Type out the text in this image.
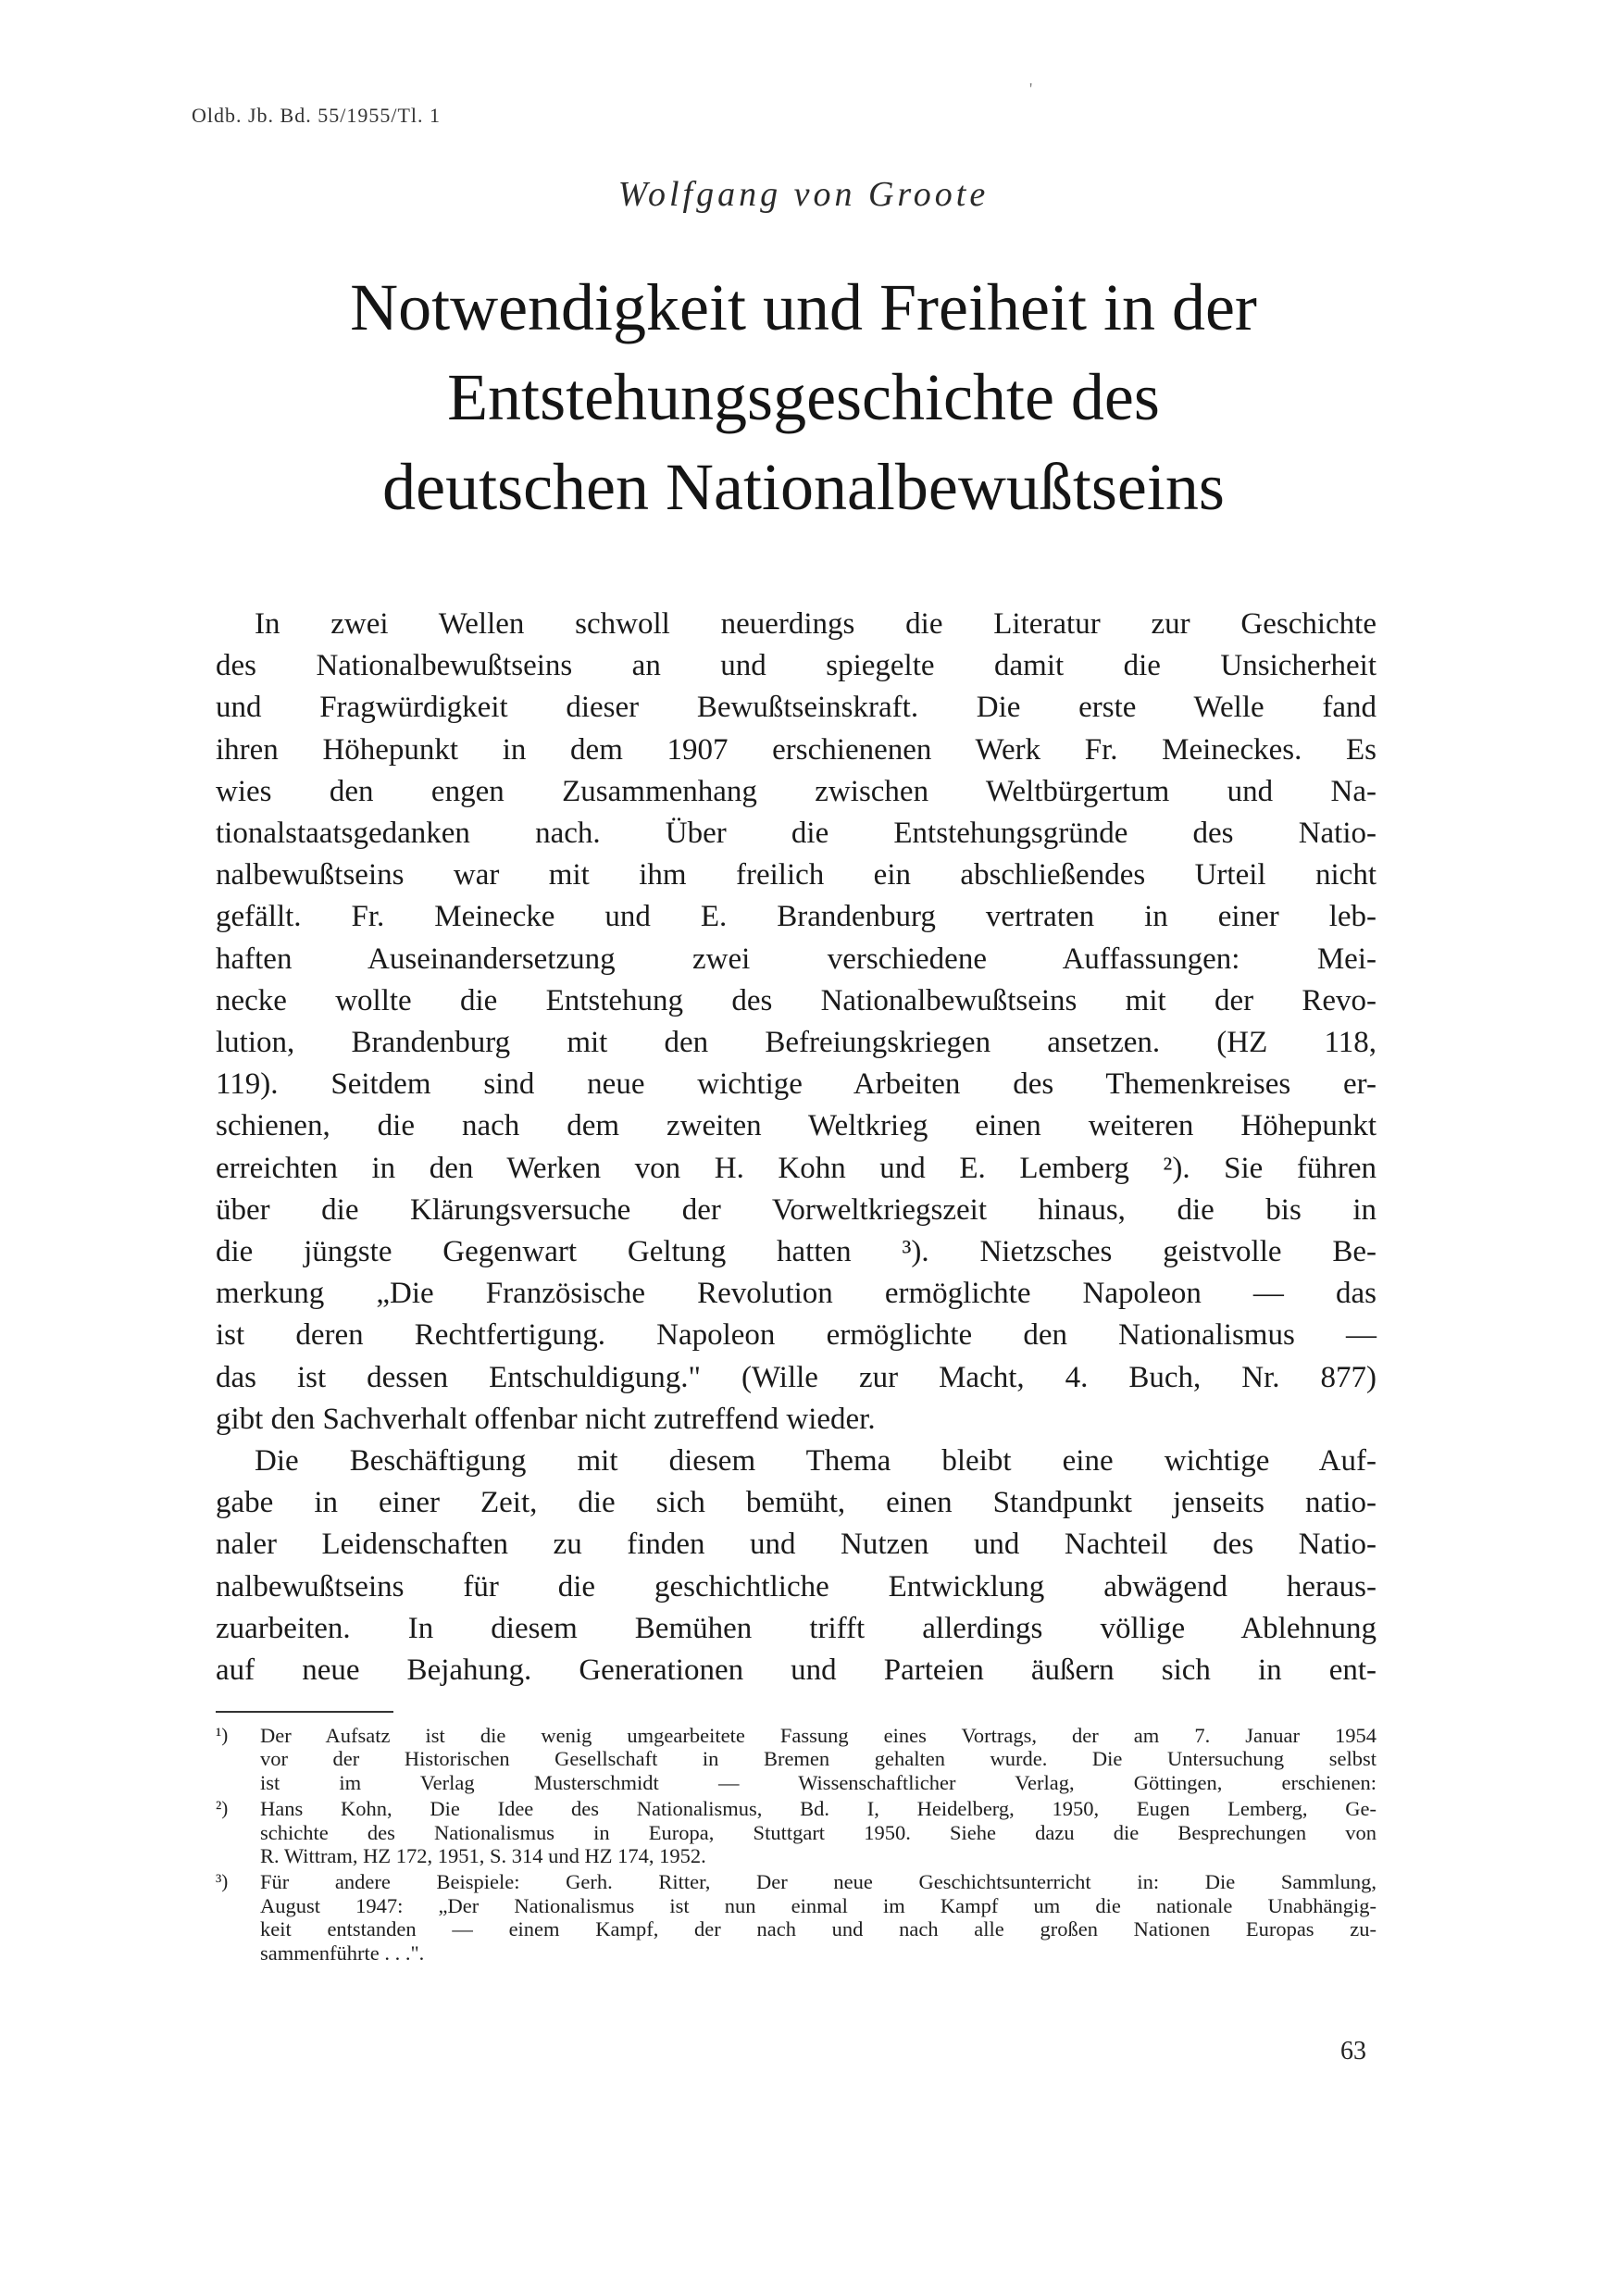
Oldb. Jb. Bd. 55/1955/Tl. 1
'
Wolfgang von Groote
Notwendigkeit und Freiheit in der
Entstehungsgeschichte des
deutschen Nationalbewußtseins
In zwei Wellen schwoll neuerdings die Literatur zur Geschichte
des Nationalbewußtseins an und spiegelte damit die Unsicherheit
und Fragwürdigkeit dieser Bewußtseinskraft. Die erste Welle fand
ihren Höhepunkt in dem 1907 erschienenen Werk Fr. Meineckes. Es
wies den engen Zusammenhang zwischen Weltbürgertum und Na-
tionalstaatsgedanken nach. Über die Entstehungsgründe des Natio-
nalbewußtseins war mit ihm freilich ein abschließendes Urteil nicht
gefällt. Fr. Meinecke und E. Brandenburg vertraten in einer leb-
haften Auseinandersetzung zwei verschiedene Auffassungen: Mei-
necke wollte die Entstehung des Nationalbewußtseins mit der Revo-
lution, Brandenburg mit den Befreiungskriegen ansetzen. (HZ 118,
119). Seitdem sind neue wichtige Arbeiten des Themenkreises er-
schienen, die nach dem zweiten Weltkrieg einen weiteren Höhepunkt
erreichten in den Werken von H. Kohn und E. Lemberg ²). Sie führen
über die Klärungsversuche der Vorweltkriegszeit hinaus, die bis in
die jüngste Gegenwart Geltung hatten ³). Nietzsches geistvolle Be-
merkung „Die Französische Revolution ermöglichte Napoleon — das
ist deren Rechtfertigung. Napoleon ermöglichte den Nationalismus —
das ist dessen Entschuldigung." (Wille zur Macht, 4. Buch, Nr. 877)
gibt den Sachverhalt offenbar nicht zutreffend wieder.
Die Beschäftigung mit diesem Thema bleibt eine wichtige Auf-
gabe in einer Zeit, die sich bemüht, einen Standpunkt jenseits natio-
naler Leidenschaften zu finden und Nutzen und Nachteil des Natio-
nalbewußtseins für die geschichtliche Entwicklung abwägend heraus-
zuarbeiten. In diesem Bemühen trifft allerdings völlige Ablehnung
auf neue Bejahung. Generationen und Parteien äußern sich in ent-
¹) Der Aufsatz ist die wenig umgearbeitete Fassung eines Vortrags, der am 7. Januar 1954
vor der Historischen Gesellschaft in Bremen gehalten wurde. Die Untersuchung selbst
ist im Verlag Musterschmidt — Wissenschaftlicher Verlag, Göttingen, erschienen:
²) Hans Kohn, Die Idee des Nationalismus, Bd. I, Heidelberg, 1950, Eugen Lemberg, Ge-
schichte des Nationalismus in Europa, Stuttgart 1950. Siehe dazu die Besprechungen von
R. Wittram, HZ 172, 1951, S. 314 und HZ 174, 1952.
³) Für andere Beispiele: Gerh. Ritter, Der neue Geschichtsunterricht in: Die Sammlung,
August 1947: „Der Nationalismus ist nun einmal im Kampf um die nationale Unabhängig-
keit entstanden — einem Kampf, der nach und nach alle großen Nationen Europas zu-
sammenführte . . .".
63
